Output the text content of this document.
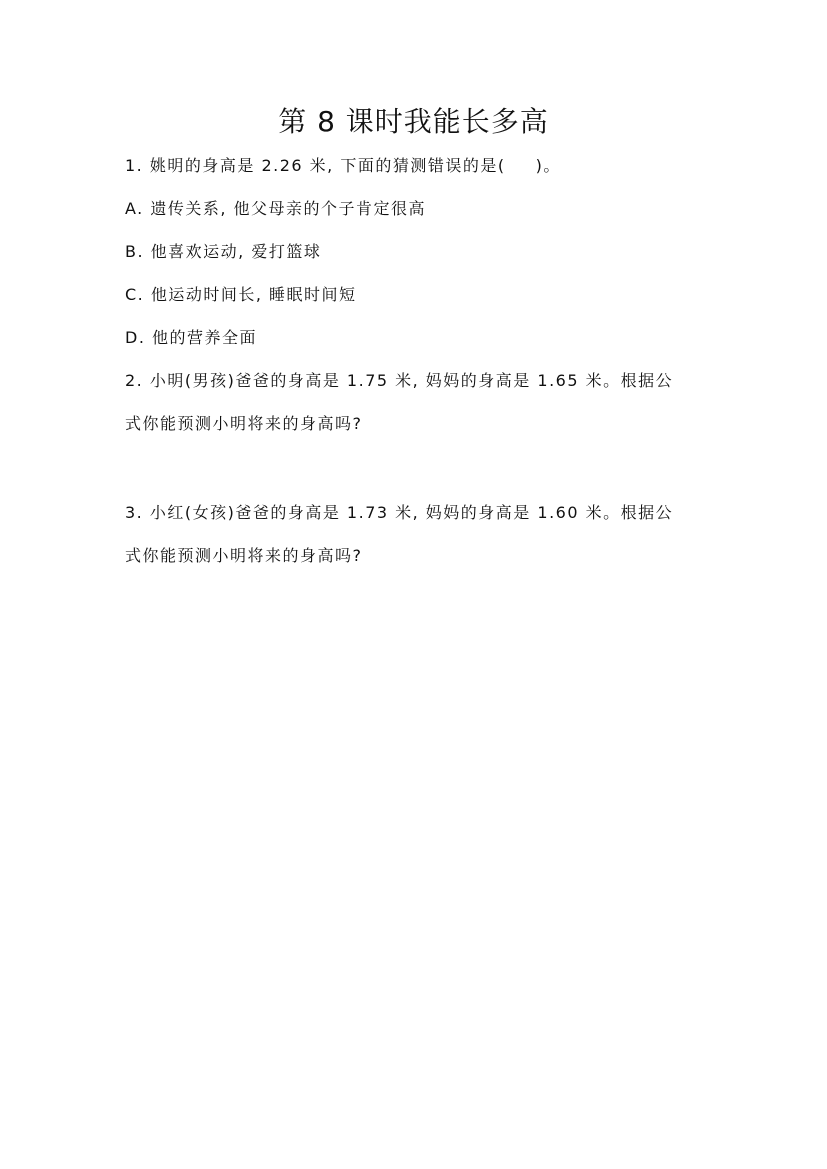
第 8 课时我能长多高
1. 姚明的身高是 2.26 米, 下面的猜测错误的是( )。
A. 遗传关系, 他父母亲的个子肯定很高
B. 他喜欢运动, 爱打篮球
C. 他运动时间长, 睡眠时间短
D. 他的营养全面
2. 小明(男孩)爸爸的身高是 1.75 米, 妈妈的身高是 1.65 米。根据公
式你能预测小明将来的身高吗?
3. 小红(女孩)爸爸的身高是 1.73 米, 妈妈的身高是 1.60 米。根据公
式你能预测小明将来的身高吗?
